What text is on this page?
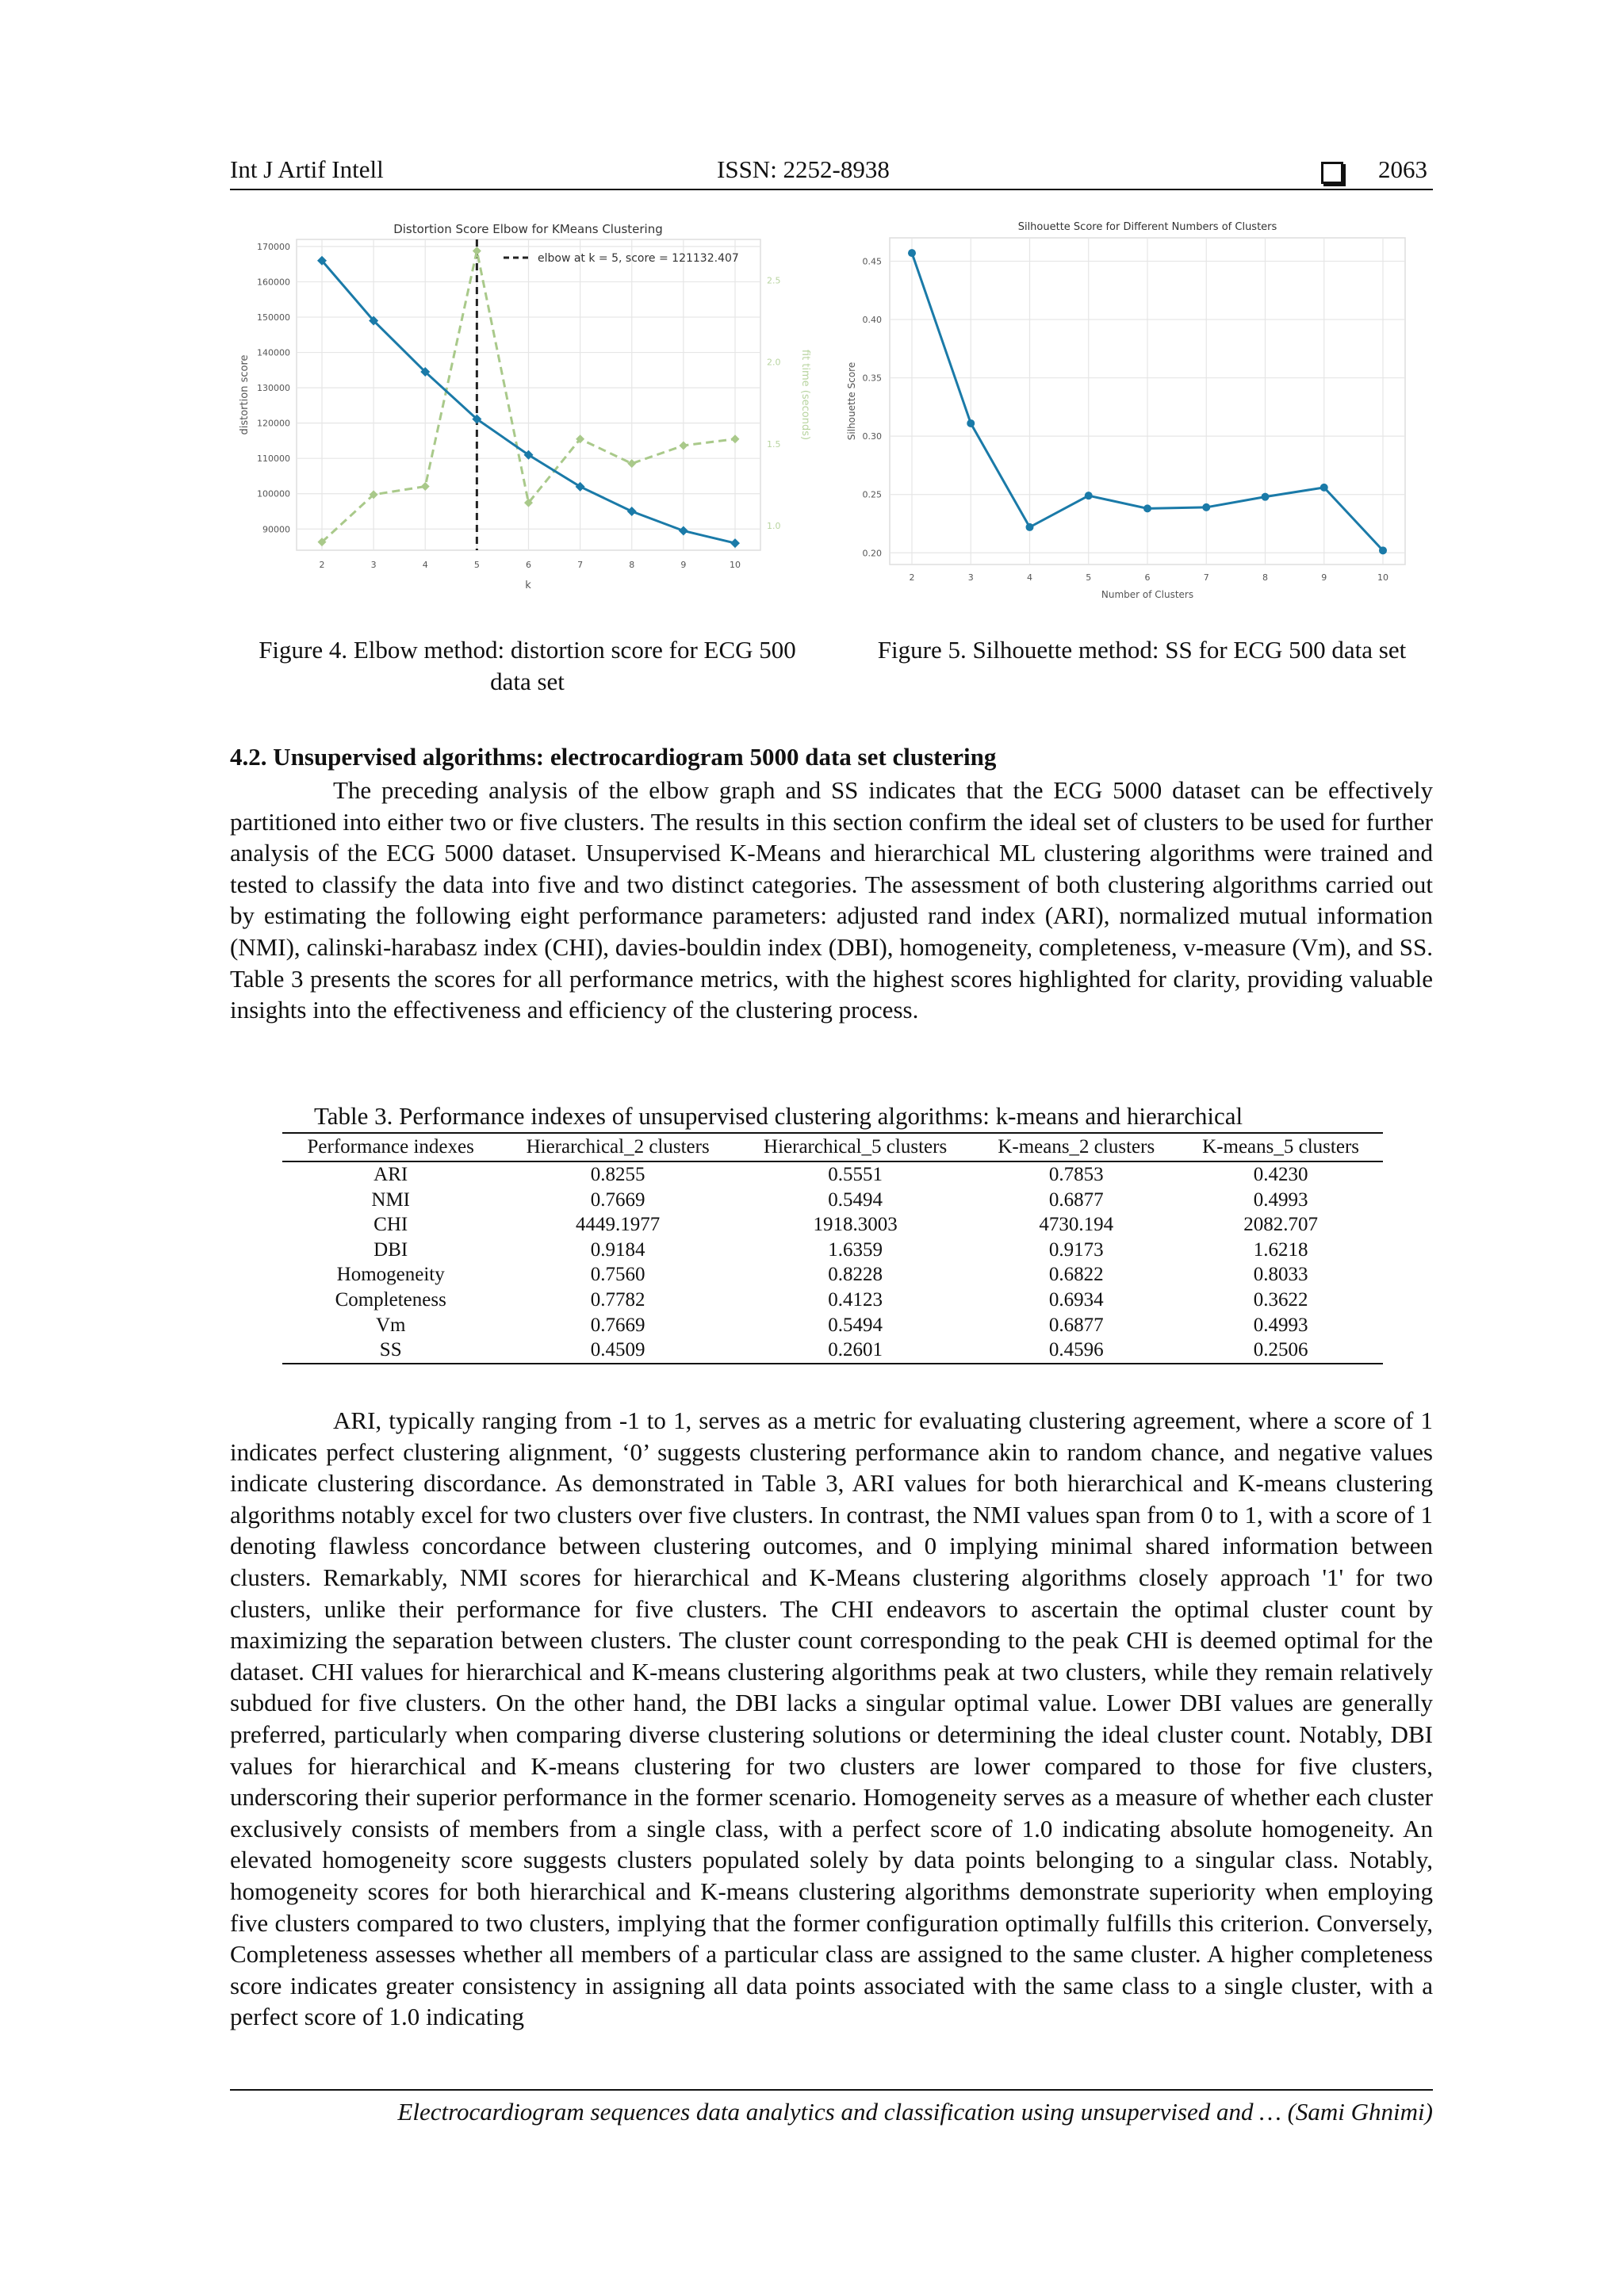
Int J Artif Intell	ISSN: 2252-8938	2063
90000
100000
110000
120000
130000
140000
150000
160000
170000
1.0
1.5
2.0
2.5
2	3	4	5	6	7	8	9	10
Distortion Score Elbow for KMeans Clustering
elbow at k = 5, score = 121132.407
k
distortion score	fit time (seconds)
0.20
0.25
0.30
0.35
0.40
0.45
2	3	4	5	6	7	8	9	10
Silhouette Score for Different Numbers of Clusters
Number of Clusters
Silhouette Score
Figure 4. Elbow method: distortion score for ECG 500 data set
Figure 5. Silhouette method: SS for ECG 500 data set
4.2. Unsupervised algorithms: electrocardiogram 5000 data set clustering

The preceding analysis of the elbow graph and SS indicates that the ECG 5000 dataset can be effectively partitioned into either two or five clusters. The results in this section confirm the ideal set of clusters to be used for further analysis of the ECG 5000 dataset. Unsupervised K-Means and hierarchical ML clustering algorithms were trained and tested to classify the data into five and two distinct categories. The assessment of both clustering algorithms carried out by estimating the following eight performance parameters: adjusted rand index (ARI), normalized mutual information (NMI), calinski-harabasz index (CHI), davies-bouldin index (DBI), homogeneity, completeness, v-measure (Vm), and SS. Table 3 presents the scores for all performance metrics, with the highest scores highlighted for clarity, providing valuable insights into the effectiveness and efficiency of the clustering process.

Table 3. Performance indexes of unsupervised clustering algorithms: k-means and hierarchical
Performance indexes	Hierarchical_2 clusters	Hierarchical_5 clusters	K-means_2 clusters	K-means_5 clusters
ARI	0.8255	0.5551	0.7853	0.4230
NMI	0.7669	0.5494	0.6877	0.4993
CHI	4449.1977	1918.3003	4730.194	2082.707
DBI	0.9184	1.6359	0.9173	1.6218
Homogeneity	0.7560	0.8228	0.6822	0.8033
Completeness	0.7782	0.4123	0.6934	0.3622
Vm	0.7669	0.5494	0.6877	0.4993
SS	0.4509	0.2601	0.4596	0.2506

ARI, typically ranging from -1 to 1, serves as a metric for evaluating clustering agreement, where a score of 1 indicates perfect clustering alignment, ‘0’ suggests clustering performance akin to random chance, and negative values indicate clustering discordance. As demonstrated in Table 3, ARI values for both hierarchical and K-means clustering algorithms notably excel for two clusters over five clusters. In contrast, the NMI values span from 0 to 1, with a score of 1 denoting flawless concordance between clustering outcomes, and 0 implying minimal shared information between clusters. Remarkably, NMI scores for hierarchical and K-Means clustering algorithms closely approach '1' for two clusters, unlike their performance for five clusters. The CHI endeavors to ascertain the optimal cluster count by maximizing the separation between clusters. The cluster count corresponding to the peak CHI is deemed optimal for the dataset. CHI values for hierarchical and K-means clustering algorithms peak at two clusters, while they remain relatively subdued for five clusters. On the other hand, the DBI lacks a singular optimal value. Lower DBI values are generally preferred, particularly when comparing diverse clustering solutions or determining the ideal cluster count. Notably, DBI values for hierarchical and K-means clustering for two clusters are lower compared to those for five clusters, underscoring their superior performance in the former scenario. Homogeneity serves as a measure of whether each cluster exclusively consists of members from a single class, with a perfect score of 1.0 indicating absolute homogeneity. An elevated homogeneity score suggests clusters populated solely by data points belonging to a singular class. Notably, homogeneity scores for both hierarchical and K-means clustering algorithms demonstrate superiority when employing five clusters compared to two clusters, implying that the former configuration optimally fulfills this criterion. Conversely, Completeness assesses whether all members of a particular class are assigned to the same cluster. A higher completeness score indicates greater consistency in assigning all data points associated with the same class to a single cluster, with a perfect score of 1.0 indicating

Electrocardiogram sequences data analytics and classification using unsupervised and … (Sami Ghnimi)
